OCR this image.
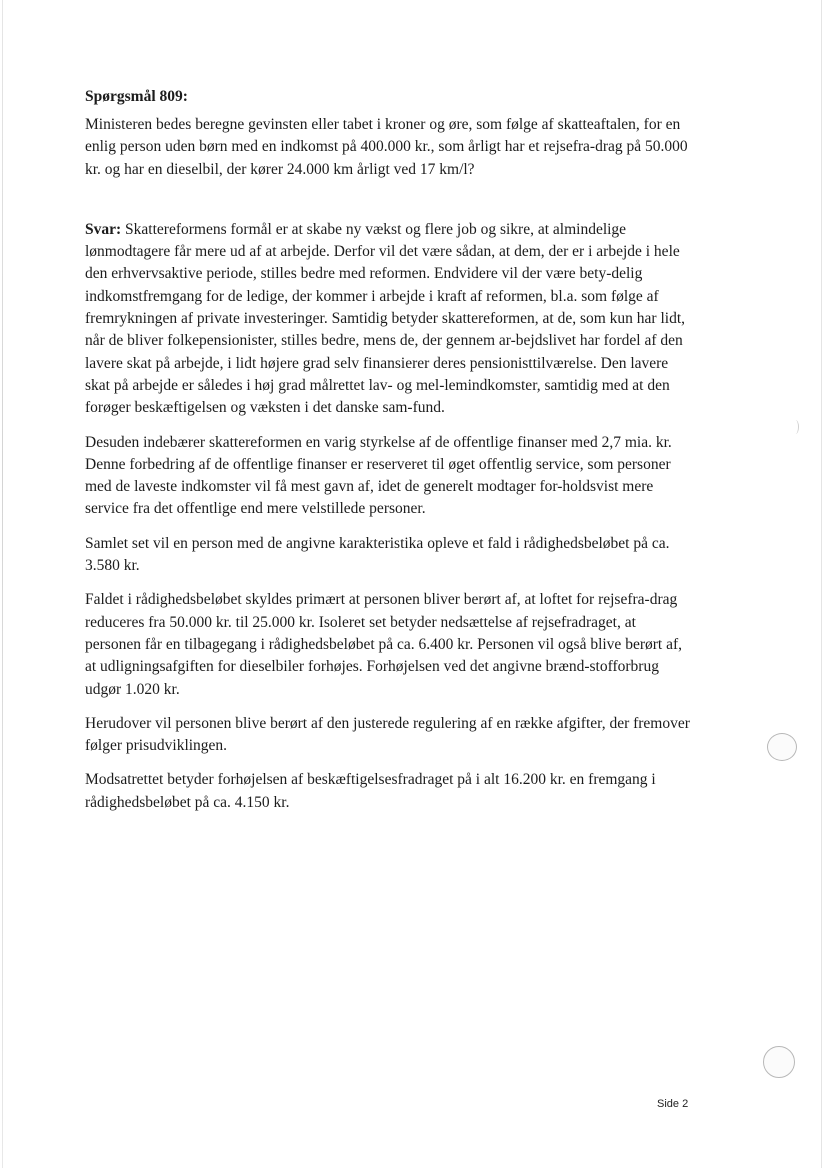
Spørgsmål 809:

Ministeren bedes beregne gevinsten eller tabet i kroner og øre, som følge af skatteaftalen, for en enlig person uden børn med en indkomst på 400.000 kr., som årligt har et rejsefra-drag på 50.000 kr. og har en dieselbil, der kører 24.000 km årligt ved 17 km/l?

Svar: Skattereformens formål er at skabe ny vækst og flere job og sikre, at almindelige lønmodtagere får mere ud af at arbejde. Derfor vil det være sådan, at dem, der er i arbejde i hele den erhvervsaktive periode, stilles bedre med reformen. Endvidere vil der være bety-delig indkomstfremgang for de ledige, der kommer i arbejde i kraft af reformen, bl.a. som følge af fremrykningen af private investeringer. Samtidig betyder skattereformen, at de, som kun har lidt, når de bliver folkepensionister, stilles bedre, mens de, der gennem ar-bejdslivet har fordel af den lavere skat på arbejde, i lidt højere grad selv finansierer deres pensionisttilværelse. Den lavere skat på arbejde er således i høj grad målrettet lav- og mel-lemindkomster, samtidig med at den forøger beskæftigelsen og væksten i det danske sam-fund.

Desuden indebærer skattereformen en varig styrkelse af de offentlige finanser med 2,7 mia. kr. Denne forbedring af de offentlige finanser er reserveret til øget offentlig service, som personer med de laveste indkomster vil få mest gavn af, idet de generelt modtager for-holdsvist mere service fra det offentlige end mere velstillede personer.

Samlet set vil en person med de angivne karakteristika opleve et fald i rådighedsbeløbet på ca. 3.580 kr.

Faldet i rådighedsbeløbet skyldes primært at personen bliver berørt af, at loftet for rejsefra-drag reduceres fra 50.000 kr. til 25.000 kr. Isoleret set betyder nedsættelse af rejsefradraget, at personen får en tilbagegang i rådighedsbeløbet på ca. 6.400 kr. Personen vil også blive berørt af, at udligningsafgiften for dieselbiler forhøjes. Forhøjelsen ved det angivne brænd-stofforbrug udgør 1.020 kr.

Herudover vil personen blive berørt af den justerede regulering af en række afgifter, der fremover følger prisudviklingen.

Modsatrettet betyder forhøjelsen af beskæftigelsesfradraget på i alt 16.200 kr. en fremgang i rådighedsbeløbet på ca. 4.150 kr.

Side 2
